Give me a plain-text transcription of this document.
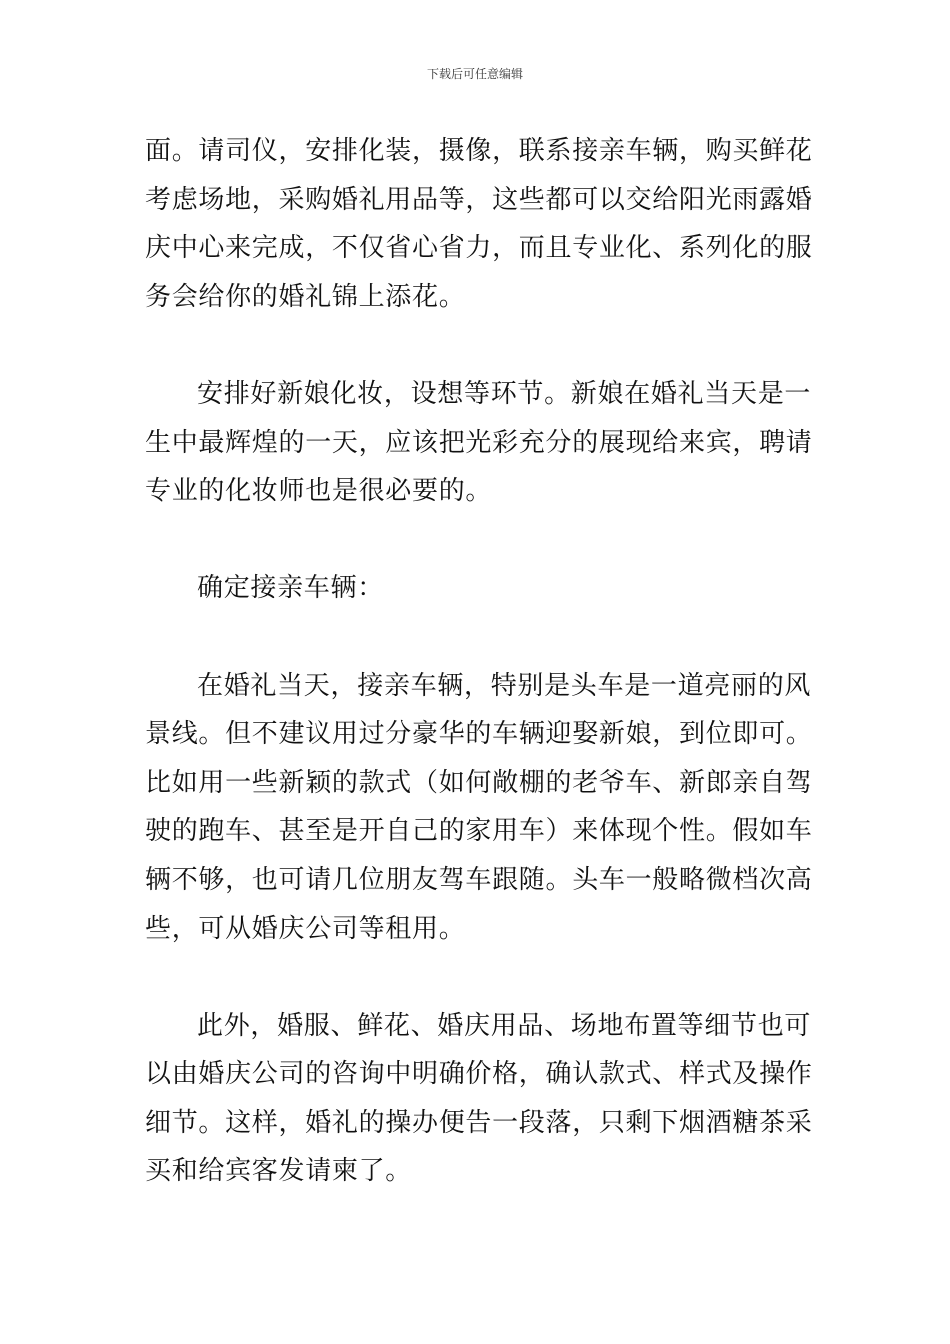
下载后可任意编辑

面。请司仪，安排化装，摄像，联系接亲车辆，购买鲜花
考虑场地，采购婚礼用品等，这些都可以交给阳光雨露婚
庆中心来完成，不仅省心省力，而且专业化、系列化的服
务会给你的婚礼锦上添花。

安排好新娘化妆，设想等环节。新娘在婚礼当天是一
生中最辉煌的一天，应该把光彩充分的展现给来宾，聘请
专业的化妆师也是很必要的。

确定接亲车辆：

在婚礼当天，接亲车辆，特别是头车是一道亮丽的风
景线。但不建议用过分豪华的车辆迎娶新娘，到位即可。
比如用一些新颖的款式（如何敞棚的老爷车、新郎亲自驾
驶的跑车、甚至是开自己的家用车）来体现个性。假如车
辆不够，也可请几位朋友驾车跟随。头车一般略微档次高
些，可从婚庆公司等租用。

此外，婚服、鲜花、婚庆用品、场地布置等细节也可
以由婚庆公司的咨询中明确价格，确认款式、样式及操作
细节。这样，婚礼的操办便告一段落，只剩下烟酒糖茶采
买和给宾客发请柬了。
